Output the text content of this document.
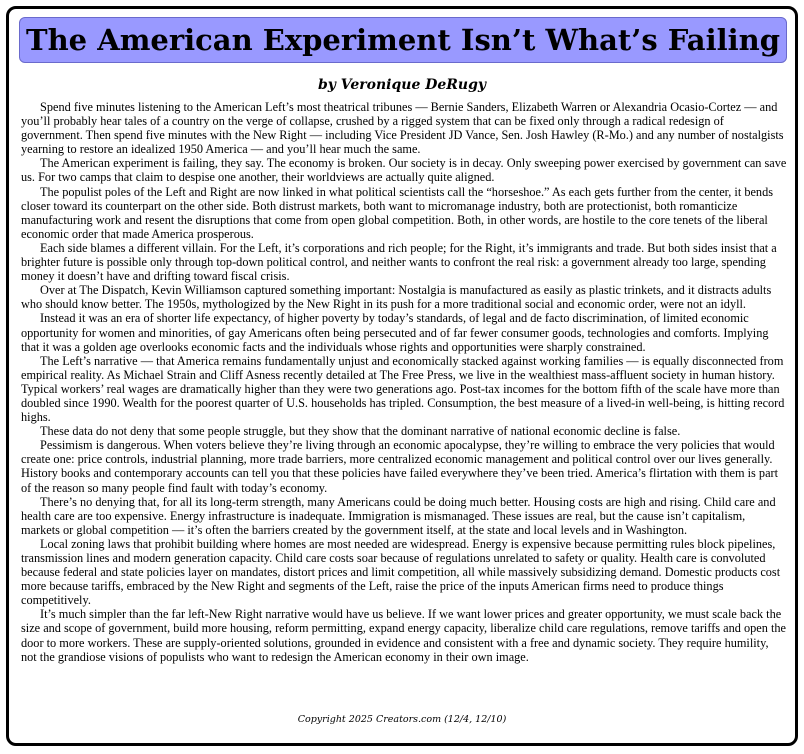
The American Experiment Isn’t What’s Failing
by Veronique DeRugy

Spend five minutes listening to the American Left’s most theatrical tribunes — Bernie Sanders, Elizabeth Warren or Alexandria Ocasio-Cortez — and you’ll probably hear tales of a country on the verge of collapse, crushed by a rigged system that can be fixed only through a radical redesign of government. Then spend five minutes with the New Right — including Vice President JD Vance, Sen. Josh Hawley (R-Mo.) and any number of nostalgists yearning to restore an idealized 1950 America — and you’ll hear much the same.

The American experiment is failing, they say. The economy is broken. Our society is in decay. Only sweeping power exercised by government can save us. For two camps that claim to despise one another, their worldviews are actually quite aligned.

The populist poles of the Left and Right are now linked in what political scientists call the “horseshoe.” As each gets further from the center, it bends closer toward its counterpart on the other side. Both distrust markets, both want to micromanage industry, both are protectionist, both romanticize manufacturing work and resent the disruptions that come from open global competition. Both, in other words, are hostile to the core tenets of the liberal economic order that made America prosperous.

Each side blames a different villain. For the Left, it’s corporations and rich people; for the Right, it’s immigrants and trade. But both sides insist that a brighter future is possible only through top-down political control, and neither wants to confront the real risk: a government already too large, spending money it doesn’t have and drifting toward fiscal crisis.

Over at The Dispatch, Kevin Williamson captured something important: Nostalgia is manufactured as easily as plastic trinkets, and it distracts adults who should know better. The 1950s, mythologized by the New Right in its push for a more traditional social and economic order, were not an idyll.

Instead it was an era of shorter life expectancy, of higher poverty by today’s standards, of legal and de facto discrimination, of limited economic opportunity for women and minorities, of gay Americans often being persecuted and of far fewer consumer goods, technologies and comforts. Implying that it was a golden age overlooks economic facts and the individuals whose rights and opportunities were sharply constrained.

The Left’s narrative — that America remains fundamentally unjust and economically stacked against working families — is equally disconnected from empirical reality. As Michael Strain and Cliff Asness recently detailed at The Free Press, we live in the wealthiest mass-affluent society in human history. Typical workers’ real wages are dramatically higher than they were two generations ago. Post-tax incomes for the bottom fifth of the scale have more than doubled since 1990. Wealth for the poorest quarter of U.S. households has tripled. Consumption, the best measure of a lived-in well-being, is hitting record highs.

These data do not deny that some people struggle, but they show that the dominant narrative of national economic decline is false.

Pessimism is dangerous. When voters believe they’re living through an economic apocalypse, they’re willing to embrace the very policies that would create one: price controls, industrial planning, more trade barriers, more centralized economic management and political control over our lives generally. History books and contemporary accounts can tell you that these policies have failed everywhere they’ve been tried. America’s flirtation with them is part of the reason so many people find fault with today’s economy.

There’s no denying that, for all its long-term strength, many Americans could be doing much better. Housing costs are high and rising. Child care and health care are too expensive. Energy infrastructure is inadequate. Immigration is mismanaged. These issues are real, but the cause isn’t capitalism, markets or global competition — it’s often the barriers created by the government itself, at the state and local levels and in Washington.

Local zoning laws that prohibit building where homes are most needed are widespread. Energy is expensive because permitting rules block pipelines, transmission lines and modern generation capacity. Child care costs soar because of regulations unrelated to safety or quality. Health care is convoluted because federal and state policies layer on mandates, distort prices and limit competition, all while massively subsidizing demand. Domestic products cost more because tariffs, embraced by the New Right and segments of the Left, raise the price of the inputs American firms need to produce things competitively.

It’s much simpler than the far left-New Right narrative would have us believe. If we want lower prices and greater opportunity, we must scale back the size and scope of government, build more housing, reform permitting, expand energy capacity, liberalize child care regulations, remove tariffs and open the door to more workers. These are supply-oriented solutions, grounded in evidence and consistent with a free and dynamic society. They require humility, not the grandiose visions of populists who want to redesign the American economy in their own image.

Copyright 2025 Creators.com (12/4, 12/10)
